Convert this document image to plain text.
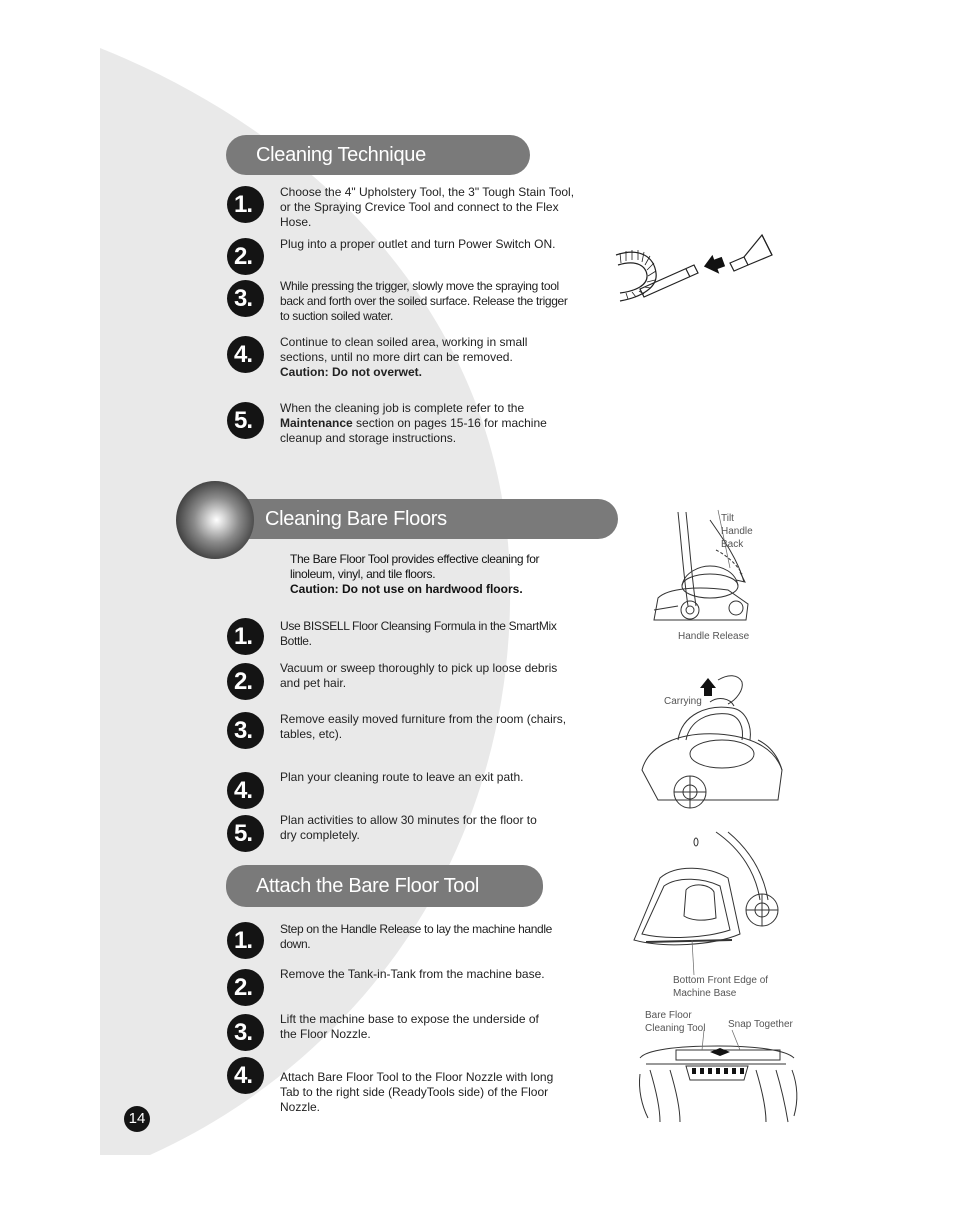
Cleaning Technique
1.	Choose the 4" Upholstery Tool, the 3" Tough Stain Tool, or the Spraying Crevice Tool and connect to the Flex Hose.
2.	Plug into a proper outlet and turn Power Switch ON.
3.	While pressing the trigger, slowly move the spraying tool back and forth over the soiled surface. Release the trigger to suction soiled water.
4.	Continue to clean soiled area, working in small sections, until no more dirt can be removed.
Caution: Do not overwet.
5.	When the cleaning job is complete refer to the
Maintenance section on pages 15-16 for machine cleanup and storage instructions.
Cleaning Bare Floors
The Bare Floor Tool provides effective cleaning for linoleum, vinyl, and tile floors.
Caution: Do not use on hardwood floors.
1.	Use BISSELL Floor Cleansing Formula in the SmartMix Bottle.
2.	Vacuum or sweep thoroughly to pick up loose debris and pet hair.
3.	Remove easily moved furniture from the room (chairs, tables, etc).
4.	Plan your cleaning route to leave an exit path.
5.	Plan activities to allow 30 minutes for the floor to dry completely.
Attach the Bare Floor Tool
1.	Step on the Handle Release to lay the machine handle down.
2.	Remove the Tank-in-Tank from the machine base.
3.	Lift the machine base to expose the underside of the Floor Nozzle.
4.	Attach Bare Floor Tool to the Floor Nozzle with long Tab to the right side (ReadyTools side) of the Floor Nozzle.
Tilt
Handle
Back
Handle Release
Carrying
Bottom Front Edge of
Machine Base
Bare Floor
Cleaning Tool Snap Together
14
